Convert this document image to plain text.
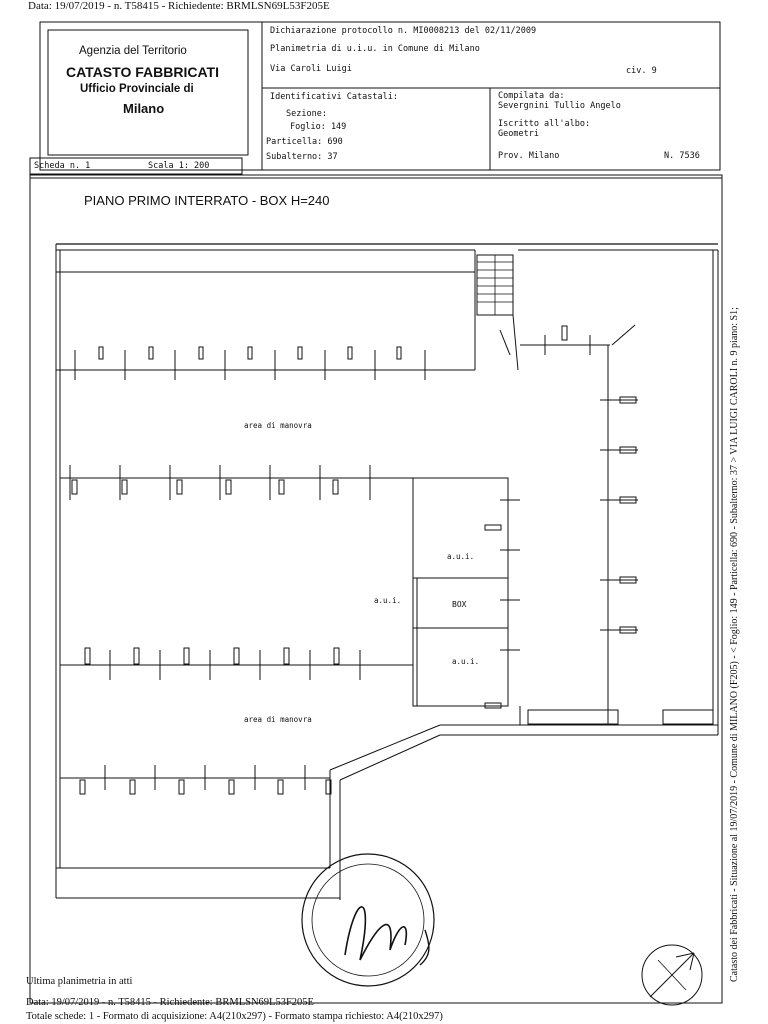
Data: 19/07/2019 - n. T58415 - Richiedente: BRMLSN69L53F205E
Agenzia del Territorio
CATASTO FABBRICATI
Ufficio Provinciale di
Milano
Dichiarazione protocollo n. MI0008213 del 02/11/2009
Planimetria di u.i.u. in Comune di Milano
Via Caroli Luigi	civ. 9
Identificativi Catastali:
Sezione:
Foglio: 149
Particella: 690
Subalterno: 37
Compilata da:
Severgnini Tullio Angelo
Iscritto all'albo:
Geometri
Prov. Milano	N. 7536
Scheda n. 1	Scala 1: 200
PIANO PRIMO INTERRATO - BOX H=240
area di manovra
area di manovra
a.u.i.
a.u.i.	BOX
a.u.i.	Catasto dei Fabbricati - Situazione al 19/07/2019 - Comune di MILANO (F205) - < Foglio: 149 - Particella: 690 - Subalterno: 37 > VIA LUIGI CAROLI n. 9 piano: S1;
Ultima planimetria in atti
Data: 19/07/2019 - n. T58415 - Richiedente: BRMLSN69L53F205E
Totale schede: 1 - Formato di acquisizione: A4(210x297) - Formato stampa richiesto: A4(210x297)
